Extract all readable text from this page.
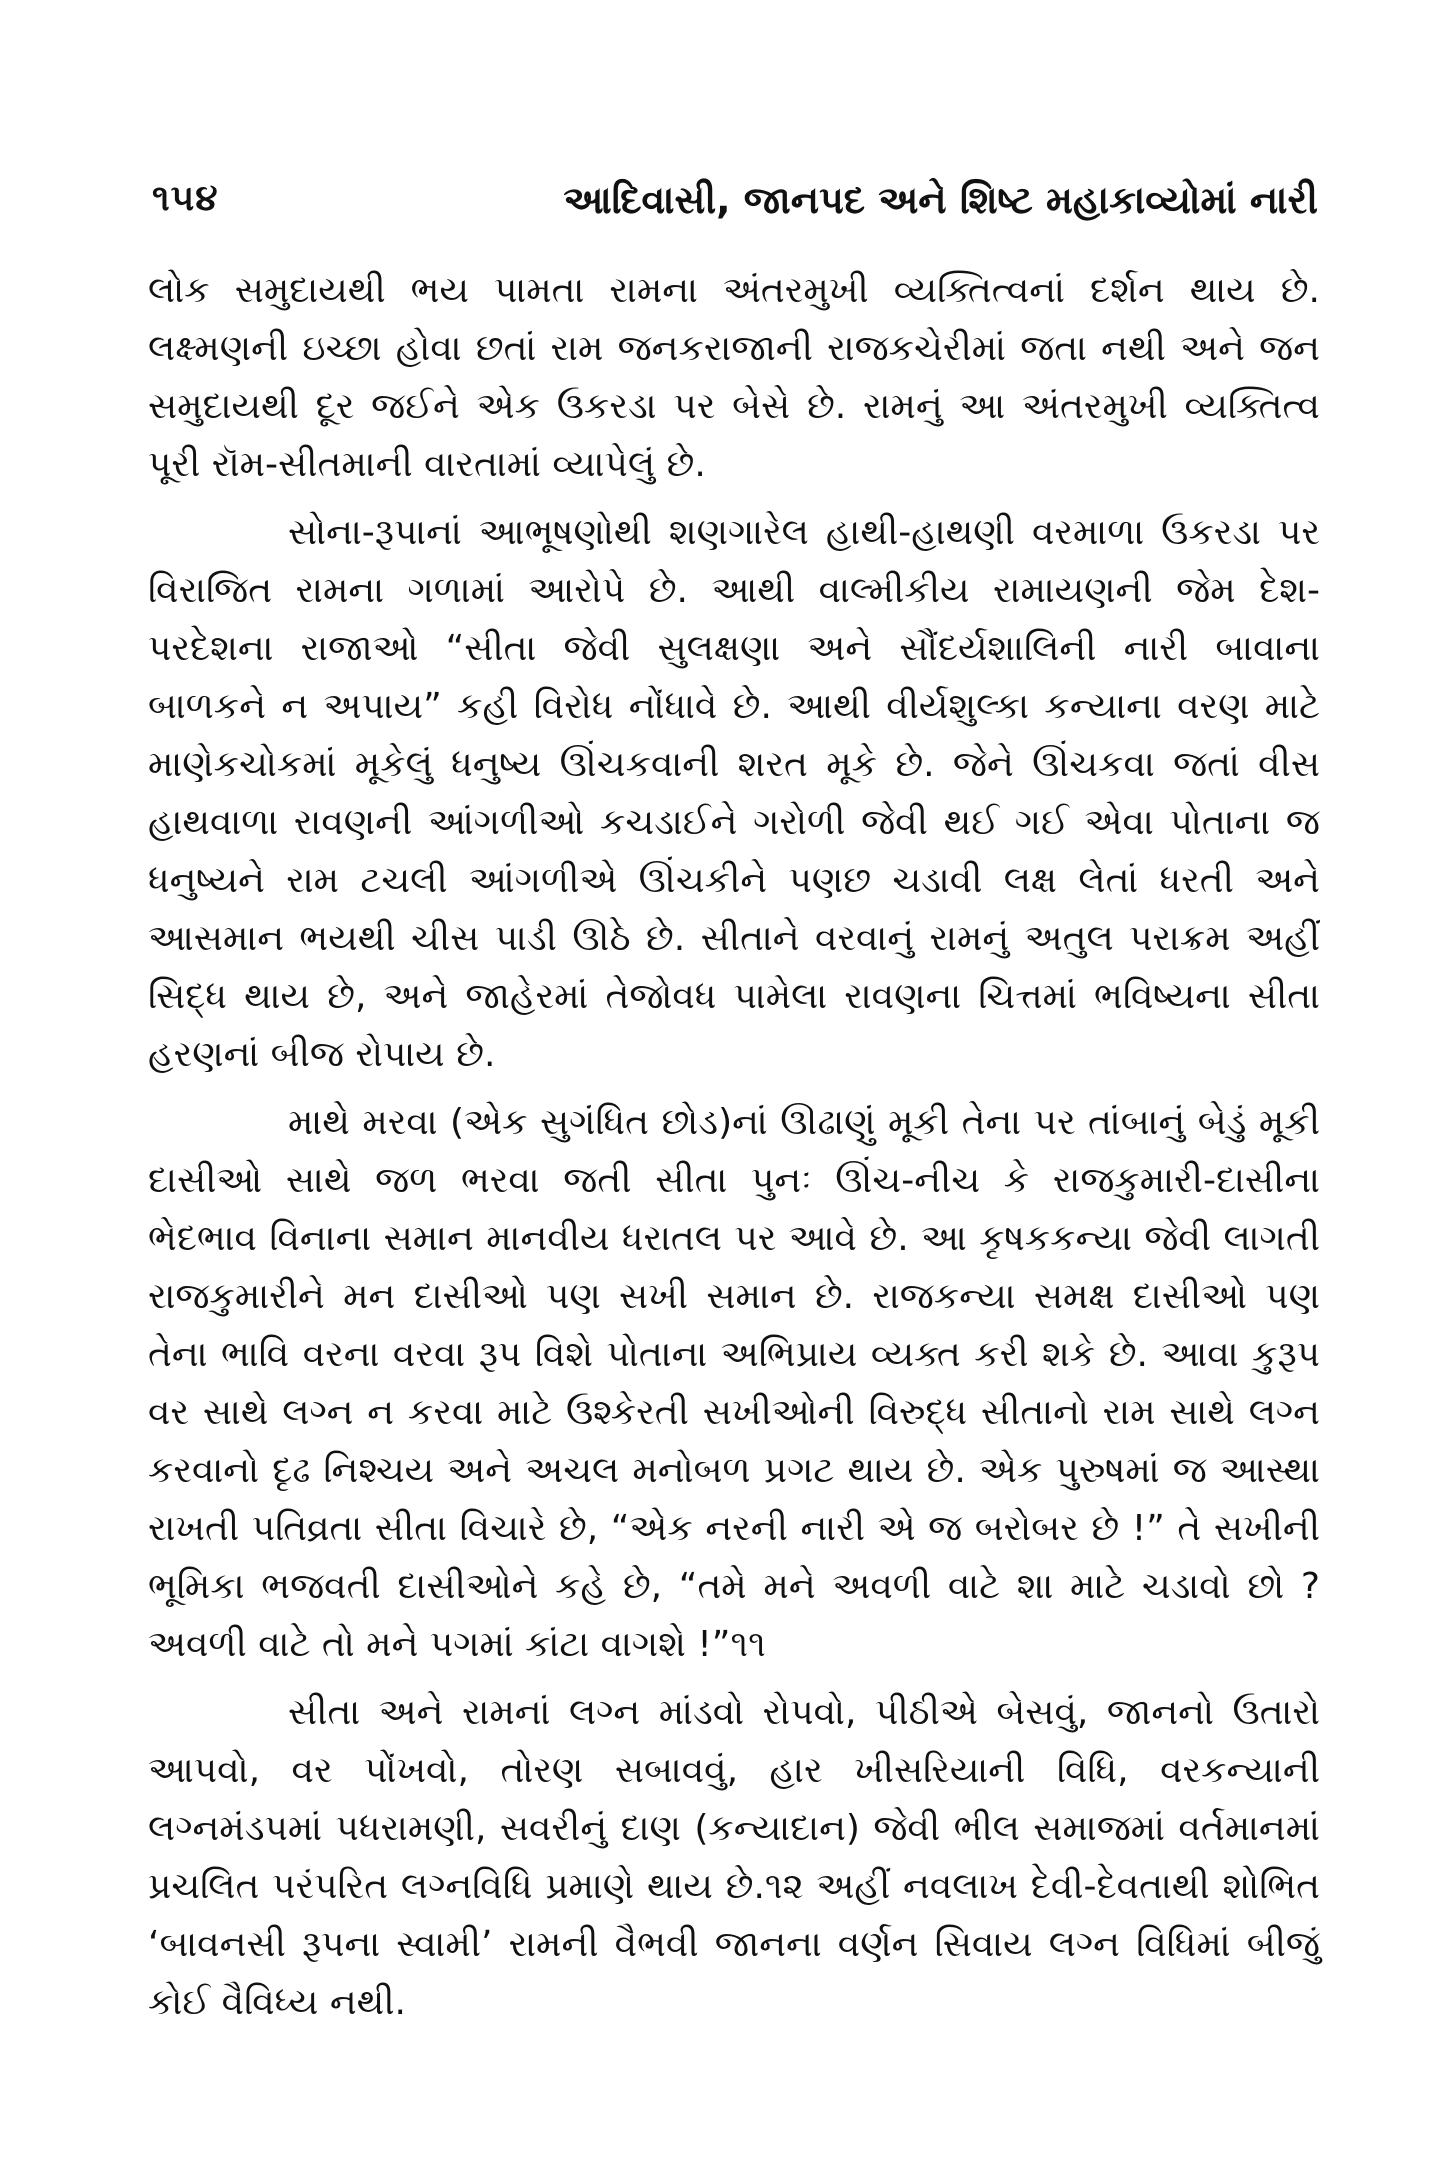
૧૫૪	આદિવાસી, જાનપદ અને શિષ્ટ મહાકાવ્યોમાં નારી

લોક સમુદાયથી ભય પામતા રામના અંતરમુખી વ્યક્તિત્વનાં દર્શન થાય છે. લક્ષ્મણની ઇચ્છા હોવા છતાં રામ જનકરાજાની રાજકચેરીમાં જતા નથી અને જન સમુદાયથી દૂર જઈને એક ઉકરડા પર બેસે છે. રામનું આ અંતરમુખી વ્યક્તિત્વ પૂરી રૉમ-સીતમાની વારતામાં વ્યાપેલું છે.

સોના-રૂપાનાં આભૂષણોથી શણગારેલ હાથી-હાથણી વરમાળા ઉકરડા પર વિરાજિત રામના ગળામાં આરોપે છે. આથી વાલ્મીકીય રામાયણની જેમ દેશ-પરદેશના રાજાઓ “સીતા જેવી સુલક્ષણા અને સૌંદર્યશાલિની નારી બાવાના બાળકને ન અપાય” કહી વિરોધ નોંધાવે છે. આથી વીર્યશુલ્કા કન્યાના વરણ માટે માણેકચોકમાં મૂકેલું ધનુષ્ય ઊંચકવાની શરત મૂકે છે. જેને ઊંચકવા જતાં વીસ હાથવાળા રાવણની આંગળીઓ કચડાઈને ગરોળી જેવી થઈ ગઈ એવા પોતાના જ ધનુષ્યને રામ ટચલી આંગળીએ ઊંચકીને પણછ ચડાવી લક્ષ લેતાં ધરતી અને આસમાન ભયથી ચીસ પાડી ઊઠે છે. સીતાને વરવાનું રામનું અતુલ પરાક્રમ અહીં સિદ્ધ થાય છે, અને જાહેરમાં તેજોવધ પામેલા રાવણના ચિત્તમાં ભવિષ્યના સીતા હરણનાં બીજ રોપાય છે.

માથે મરવા (એક સુગંધિત છોડ)નાં ઊઢાણું મૂકી તેના પર તાંબાનું બેડું મૂકી દાસીઓ સાથે જળ ભરવા જતી સીતા પુનઃ ઊંચ-નીચ કે રાજકુમારી-દાસીના ભેદભાવ વિનાના સમાન માનવીય ધરાતલ પર આવે છે. આ કૃષકકન્યા જેવી લાગતી રાજકુમારીને મન દાસીઓ પણ સખી સમાન છે. રાજકન્યા સમક્ષ દાસીઓ પણ તેના ભાવિ વરના વરવા રૂપ વિશે પોતાના અભિપ્રાય વ્યક્ત કરી શકે છે. આવા કુરૂપ વર સાથે લગ્ન ન કરવા માટે ઉશ્કેરતી સખીઓની વિરુદ્ધ સીતાનો રામ સાથે લગ્ન કરવાનો દૃઢ નિશ્ચય અને અચલ મનોબળ પ્રગટ થાય છે. એક પુરુષમાં જ આસ્થા રાખતી પતિવ્રતા સીતા વિચારે છે, “એક નરની નારી એ જ બરોબર છે !” તે સખીની ભૂમિકા ભજવતી દાસીઓને કહે છે, “તમે મને અવળી વાટે શા માટે ચડાવો છો ? અવળી વાટે તો મને પગમાં કાંટા વાગશે !”૧૧

સીતા અને રામનાં લગ્ન માંડવો રોપવો, પીઠીએ બેસવું, જાનનો ઉતારો આપવો, વર પોંખવો, તોરણ સબાવવું, હાર ખીસરિયાની વિધિ, વરકન્યાની લગ્નમંડપમાં પધરામણી, સવરીનું દાણ (કન્યાદાન) જેવી ભીલ સમાજમાં વર્તમાનમાં પ્રચલિત પરંપરિત લગ્નવિધિ પ્રમાણે થાય છે.૧૨ અહીં નવલાખ દેવી-દેવતાથી શોભિત ‘બાવનસી રૂપના સ્વામી’ રામની વૈભવી જાનના વર્ણન સિવાય લગ્ન વિધિમાં બીજું કોઈ વૈવિધ્ય નથી.
